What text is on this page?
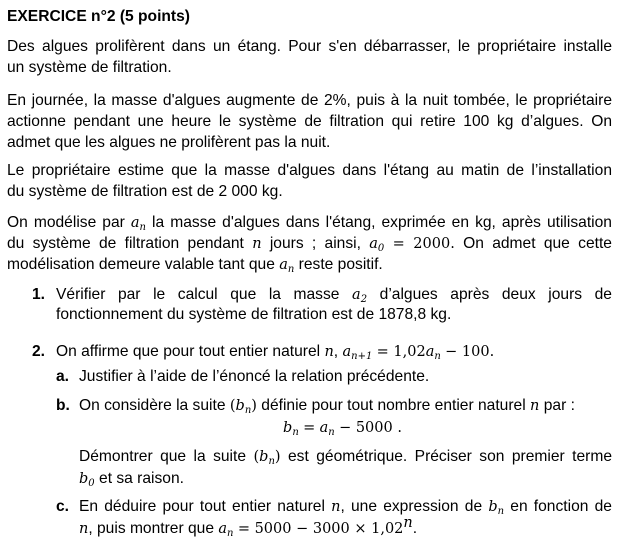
EXERCICE n°2 (5 points)
Des algues prolifèrent dans un étang. Pour s'en débarrasser, le propriétaire installe
un système de filtration.
En journée, la masse d'algues augmente de 2%, puis à la nuit tombée, le propriétaire
actionne pendant une heure le système de filtration qui retire 100 kg d’algues. On
admet que les algues ne prolifèrent pas la nuit.
Le propriétaire estime que la masse d'algues dans l'étang au matin de l’installation
du système de filtration est de 2 000 kg.
On modélise par $a_n$ la masse d'algues dans l'étang, exprimée en kg, après utilisation
du système de filtration pendant n jours ; ainsi, $a_0 = 2000$. On admet que cette
modélisation demeure valable tant que $a_n$ reste positif.
1. Vérifier par le calcul que la masse $a_2$ d’algues après deux jours de
fonctionnement du système de filtration est de 1878,8 kg.
2. On affirme que pour tout entier naturel n, $a_{n+1} = 1,02a_n - 100$.
a. Justifier à l’aide de l’énoncé la relation précédente.
b. On considère la suite $(b_n)$ définie pour tout nombre entier naturel n par :
$b_n = a_n - 5000$ .
Démontrer que la suite $(b_n)$ est géométrique. Préciser son premier terme
$b_0$ et sa raison.
c. En déduire pour tout entier naturel n, une expression de $b_n$ en fonction de
n, puis montrer que $a_n = 5000 - 3000 \times 1,02^n$.
